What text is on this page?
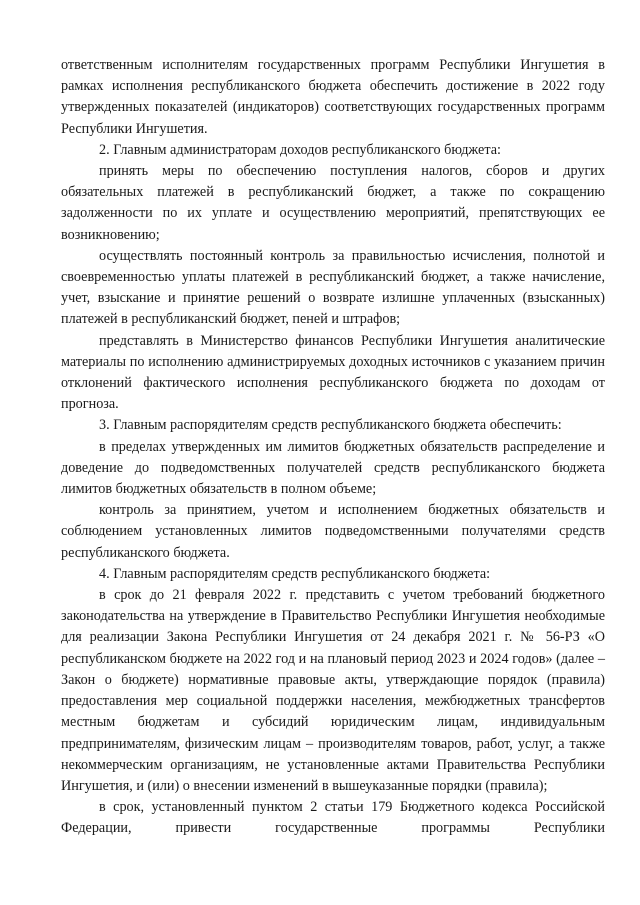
ответственным исполнителям государственных программ Республики Ингушетия в рамках исполнения республиканского бюджета обеспечить достижение в 2022 году утвержденных показателей (индикаторов) соответствующих государственных программ Республики Ингушетия.

2. Главным администраторам доходов республиканского бюджета:

принять меры по обеспечению поступления налогов, сборов и других обязательных платежей в республиканский бюджет, а также по сокращению задолженности по их уплате и осуществлению мероприятий, препятствующих ее возникновению;

осуществлять постоянный контроль за правильностью исчисления, полнотой и своевременностью уплаты платежей в республиканский бюджет, а также начисление, учет, взыскание и принятие решений о возврате излишне уплаченных (взысканных) платежей в республиканский бюджет, пеней и штрафов;

представлять в Министерство финансов Республики Ингушетия аналитические материалы по исполнению администрируемых доходных источников с указанием причин отклонений фактического исполнения республиканского бюджета по доходам от прогноза.

3. Главным распорядителям средств республиканского бюджета обеспечить:

в пределах утвержденных им лимитов бюджетных обязательств распределение и доведение до подведомственных получателей средств республиканского бюджета лимитов бюджетных обязательств в полном объеме;

контроль за принятием, учетом и исполнением бюджетных обязательств и соблюдением установленных лимитов подведомственными получателями средств республиканского бюджета.

4. Главным распорядителям средств республиканского бюджета:

в срок до 21 февраля 2022 г. представить с учетом требований бюджетного законодательства на утверждение в Правительство Республики Ингушетия необходимые для реализации Закона Республики Ингушетия от 24 декабря 2021 г. № 56-РЗ «О республиканском бюджете на 2022 год и на плановый период 2023 и 2024 годов» (далее – Закон о бюджете) нормативные правовые акты, утверждающие порядок (правила) предоставления мер социальной поддержки населения, межбюджетных трансфертов местным бюджетам и субсидий юридическим лицам, индивидуальным предпринимателям, физическим лицам – производителям товаров, работ, услуг, а также некоммерческим организациям, не установленные актами Правительства Республики Ингушетия, и (или) о внесении изменений в вышеуказанные порядки (правила);

в срок, установленный пунктом 2 статьи 179 Бюджетного кодекса Российской Федерации, привести государственные программы Республики
